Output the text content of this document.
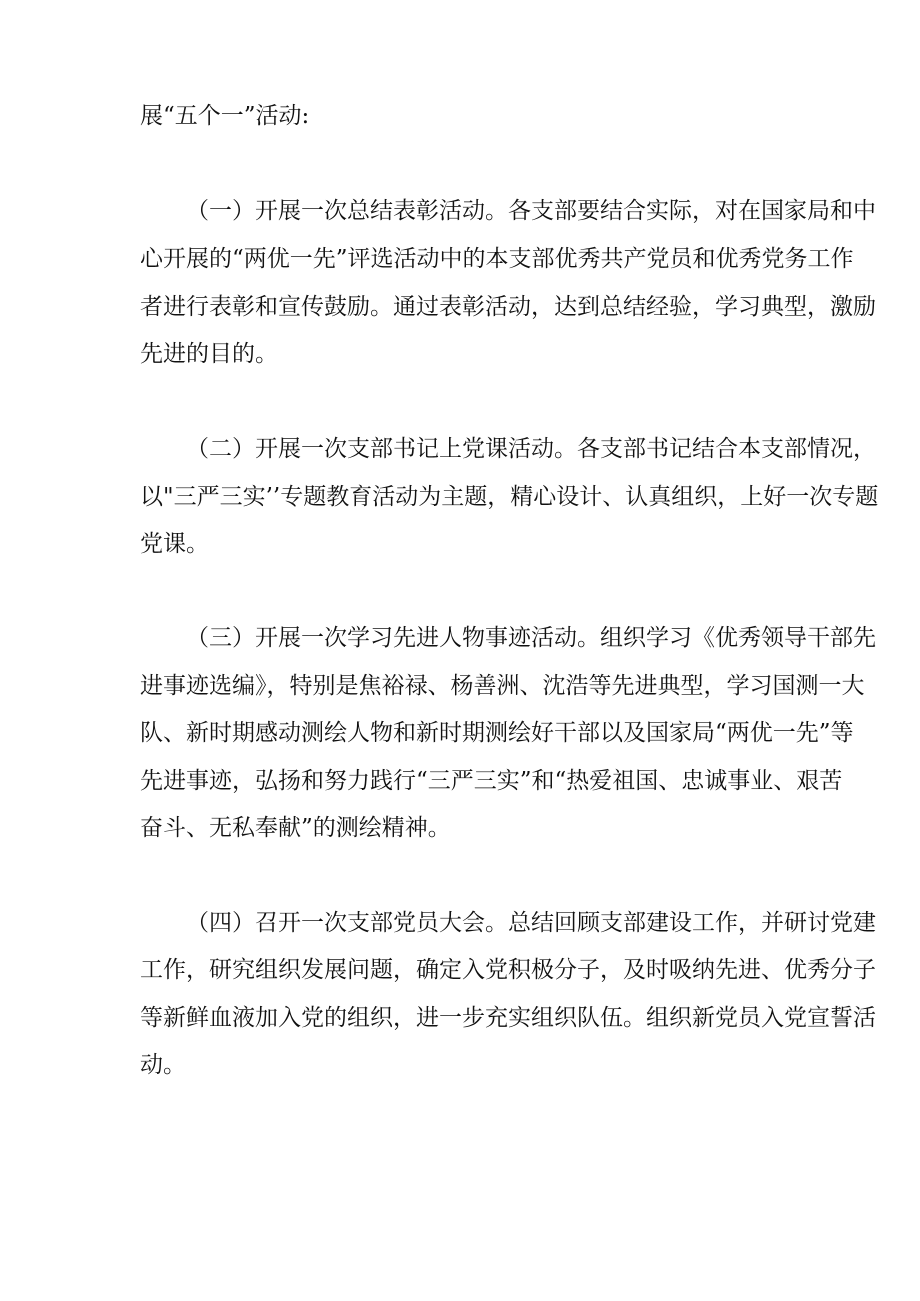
展“五个一”活动:
（一）开展一次总结表彰活动。各支部要结合实际，对在国家局和中
心开展的“两优一先”评选活动中的本支部优秀共产党员和优秀党务工作
者进行表彰和宣传鼓励。通过表彰活动，达到总结经验，学习典型，激励
先进的目的。
（二）开展一次支部书记上党课活动。各支部书记结合本支部情况，
以"三严三实’’专题教育活动为主题，精心设计、认真组织，上好一次专题
党课。
（三）开展一次学习先进人物事迹活动。组织学习《优秀领导干部先
进事迹选编》，特别是焦裕禄、杨善洲、沈浩等先进典型，学习国测一大
队、新时期感动测绘人物和新时期测绘好干部以及国家局“两优一先”等
先进事迹，弘扬和努力践行“三严三实”和“热爱祖国、忠诚事业、艰苦
奋斗、无私奉献”的测绘精神。
（四）召开一次支部党员大会。总结回顾支部建设工作，并研讨党建
工作，研究组织发展问题，确定入党积极分子，及时吸纳先进、优秀分子
等新鲜血液加入党的组织，进一步充实组织队伍。组织新党员入党宣誓活
动。
